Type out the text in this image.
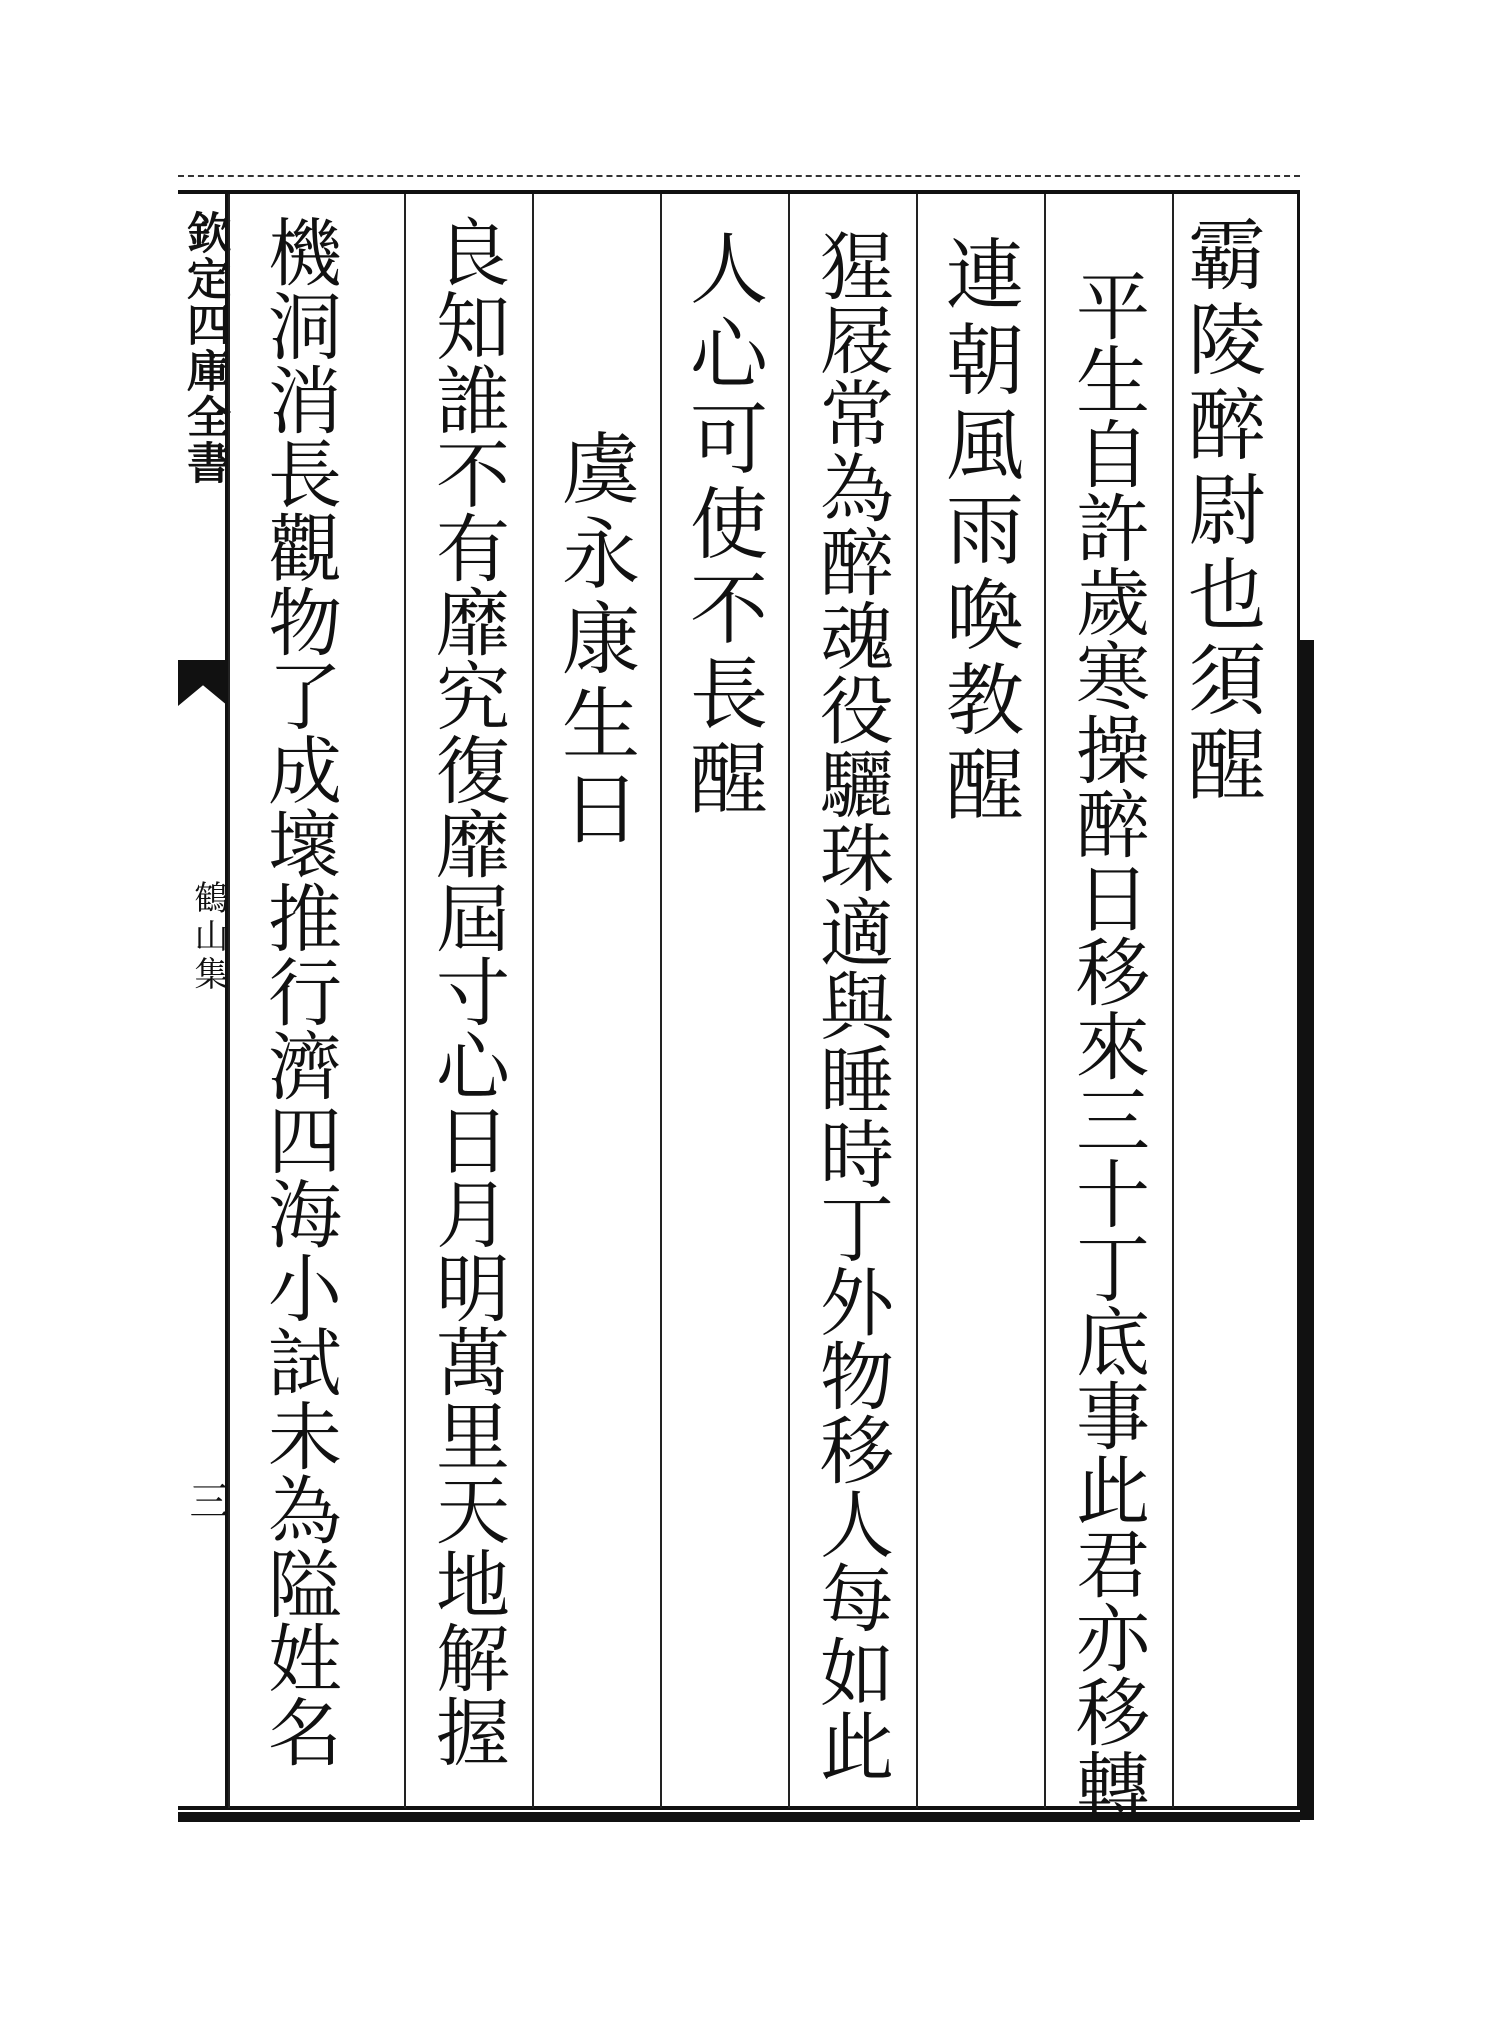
欽定四庫全書
鶴山集
三
霸陵醉尉也須醒
平生自許歲寒操醉日移來三十丁底事此君亦移轉
連朝風雨喚教醒
猩屐常為醉魂役驪珠適與睡時丁外物移人每如此
人心可使不長醒
虞永康生日
良知誰不有靡究復靡屆寸心日月明萬里天地解握
機洞消長觀物了成壞推行濟四海小試未為隘姓名
